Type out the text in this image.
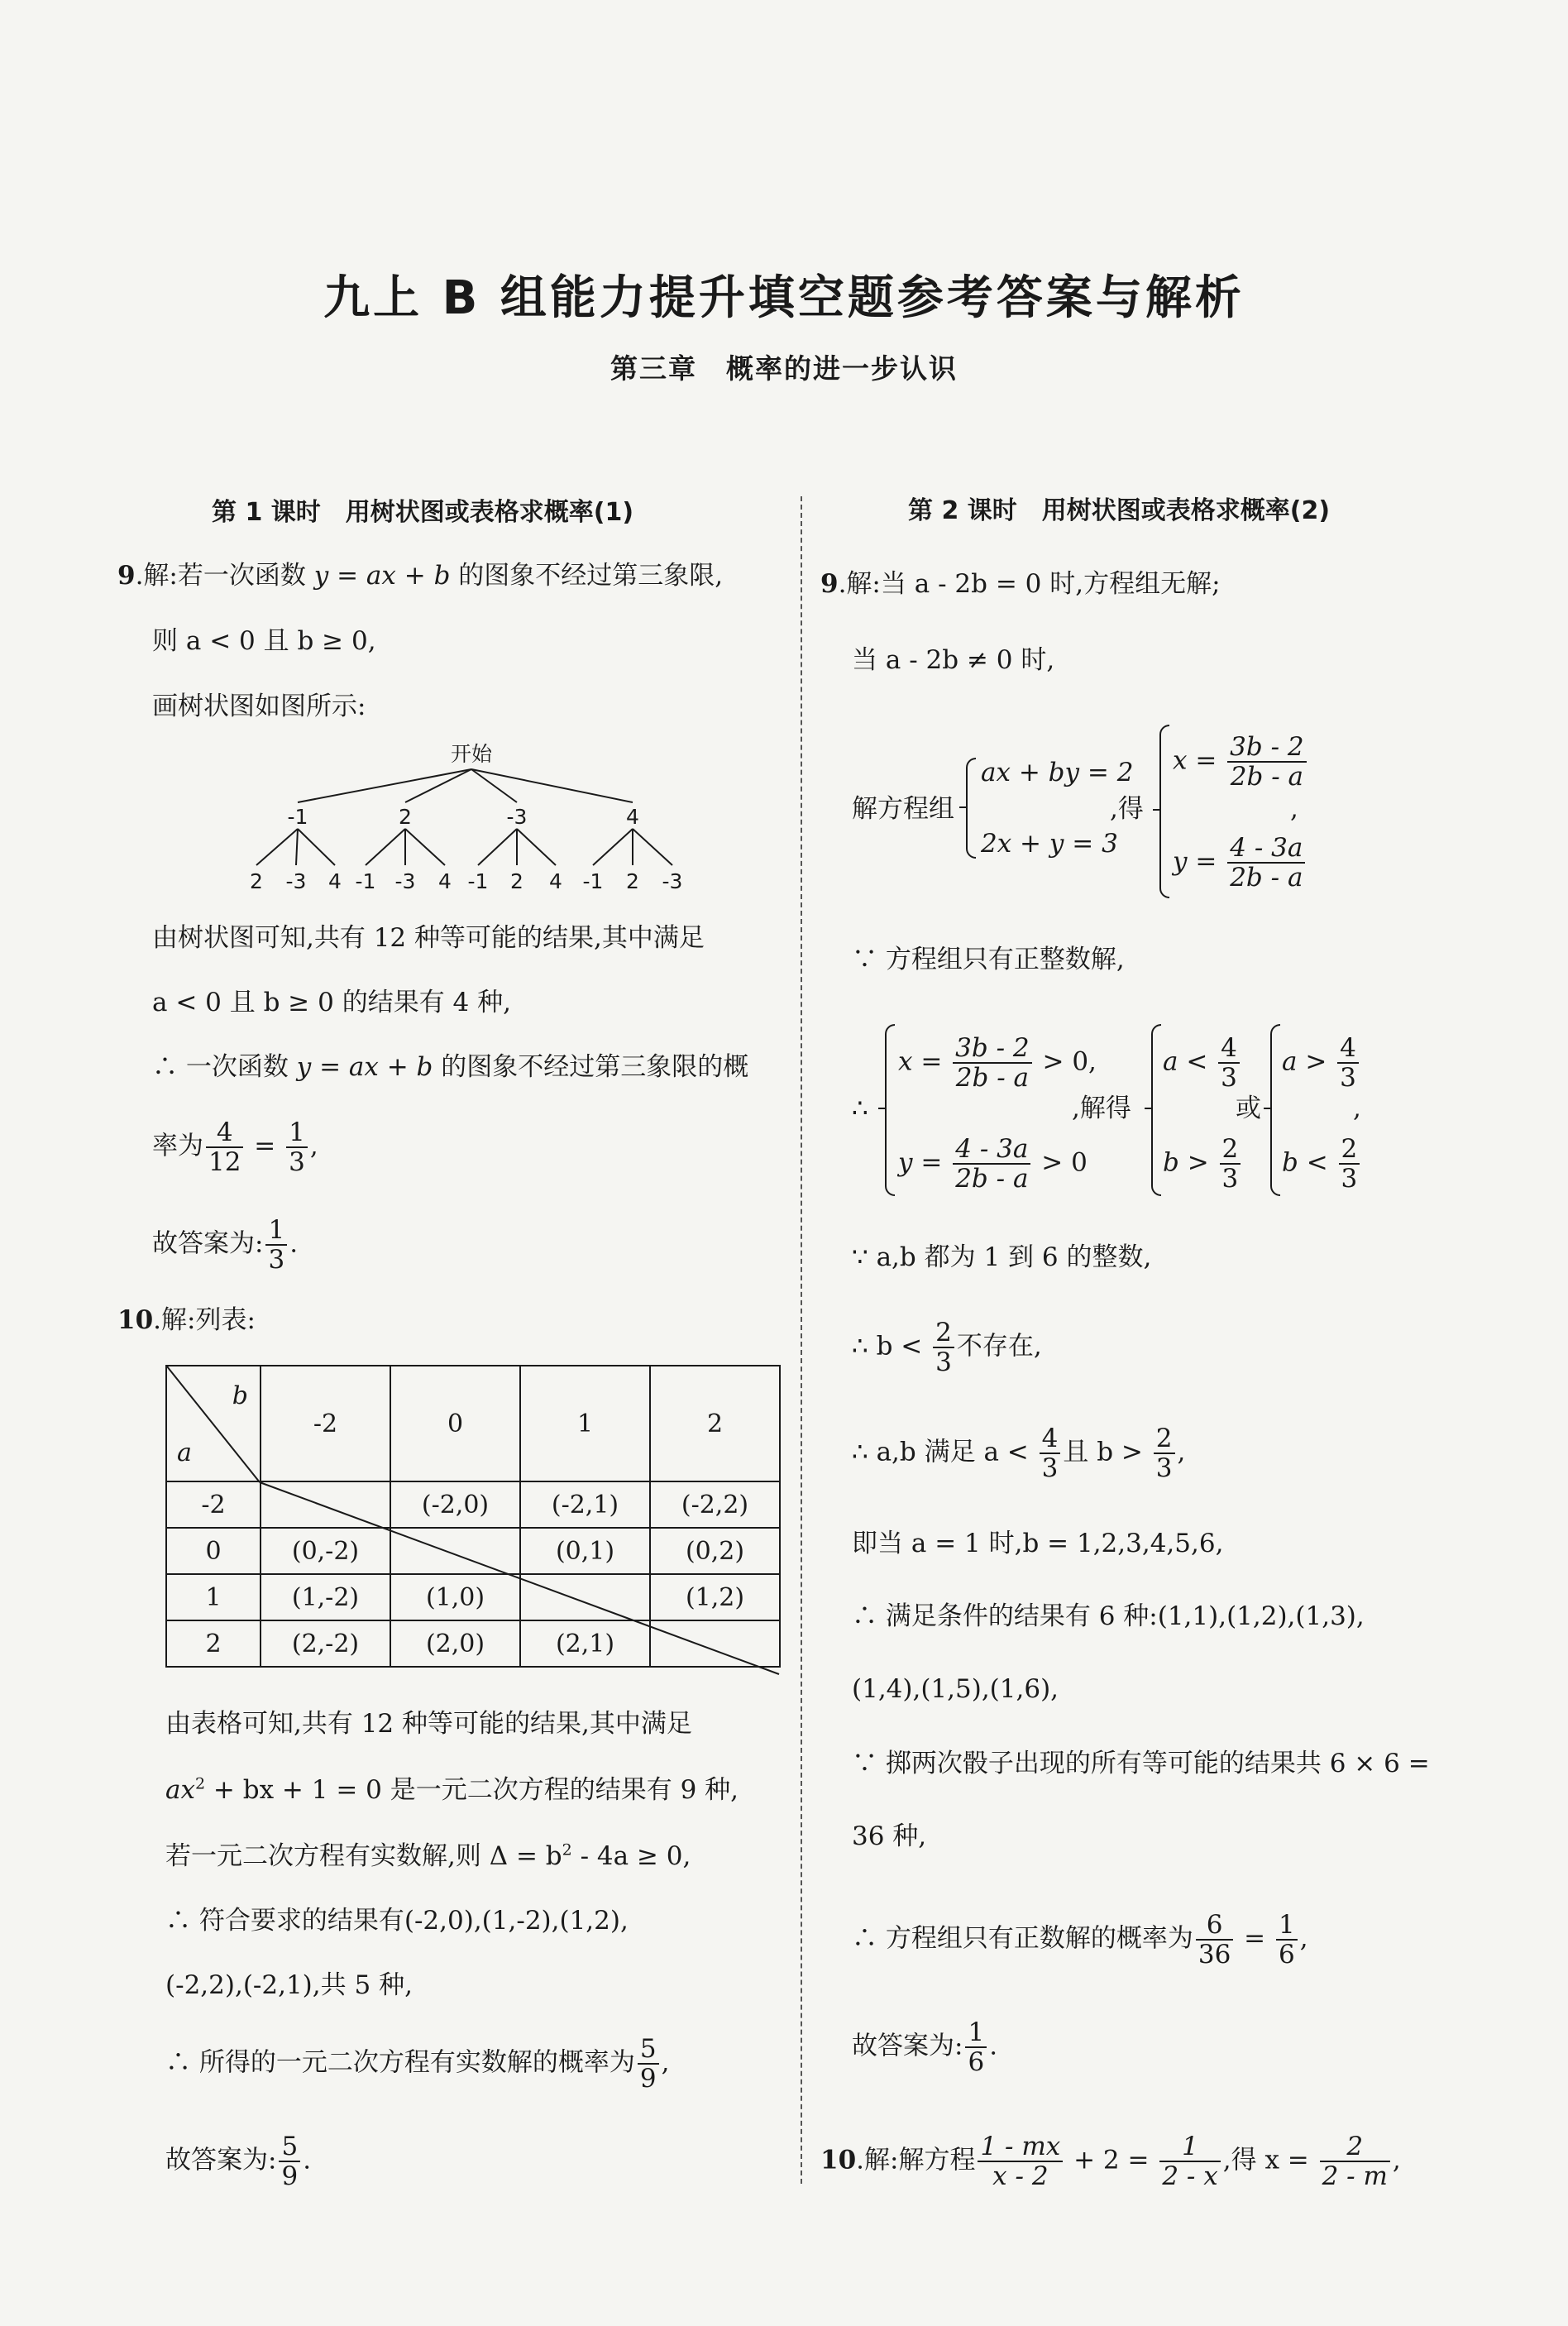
九上 B 组能力提升填空题参考答案与解析
第三章　概率的进一步认识
第 1 课时　用树状图或表格求概率(1)
9.解:若一次函数 y = ax + b 的图象不经过第三象限,
则 a < 0 且 b ≥ 0,
画树状图如图所示:
开始
-1	2	-3	4
2 -3 4 -1 -3 4 -1 2 4 -1 2 -3
由树状图可知,共有 12 种等可能的结果,其中满足
a < 0 且 b ≥ 0 的结果有 4 种,
∴ 一次函数 y = ax + b 的图象不经过第三象限的概
率为 $\frac{4}{12} = \frac{1}{3}$ ,
故答案为: $\frac{1}{3}$ .
10.解:列表:
b
a	-2	0	1	2
-2		(-2,0)	(-2,1)	(-2,2)
0	(0,-2)		(0,1)	(0,2)
1	(1,-2)	(1,0)		(1,2)
2	(2,-2)	(2,0)	(2,1)	
由表格可知,共有 12 种等可能的结果,其中满足
$ax^2$ + bx + 1 = 0 是一元二次方程的结果有 9 种,
若一元二次方程有实数解,则 $\Delta = b^2 - 4a \ge 0$,
∴ 符合要求的结果有(-2,0),(1,-2),(1,2),
(-2,2),(-2,1),共 5 种,
∴ 所得的一元二次方程有实数解的概率为 $\frac{5}{9}$ ,
故答案为: $\frac{5}{9}$ .
第 2 课时　用树状图或表格求概率(2)
9.解:当 a - 2b = 0 时,方程组无解;
当 a - 2b ≠ 0 时,
解方程组
ax + by = 2
2x + y = 3
,得
$x = \frac{3b - 2}{2b - a}$
$y = \frac{4 - 3a}{2b - a}$
,
∵ 方程组只有正整数解,
∴
$x = \frac{3b - 2}{2b - a} > 0$,
$y = \frac{4 - 3a}{2b - a} > 0$
,解得
$a < \frac{4}{3}$
$b > \frac{2}{3}$
或
$a > \frac{4}{3}$
$b < \frac{2}{3}$
,
∵ a,b 都为 1 到 6 的整数,
∴ $b < \frac{2}{3}$ 不存在,
∴ a,b 满足 $a < \frac{4}{3}$ 且 $b > \frac{2}{3}$ ,
即当 a = 1 时,b = 1,2,3,4,5,6,
∴ 满足条件的结果有 6 种:(1,1),(1,2),(1,3),
(1,4),(1,5),(1,6),
∵ 掷两次骰子出现的所有等可能的结果共 6 × 6 =
36 种,
∴ 方程组只有正数解的概率为 $\frac{6}{36} = \frac{1}{6}$ ,
故答案为: $\frac{1}{6}$ .
10.解:解方程 $\frac{1 - mx}{x - 2} + 2 = \frac{1}{2 - x}$ ,得 $x = \frac{2}{2 - m}$ ,
